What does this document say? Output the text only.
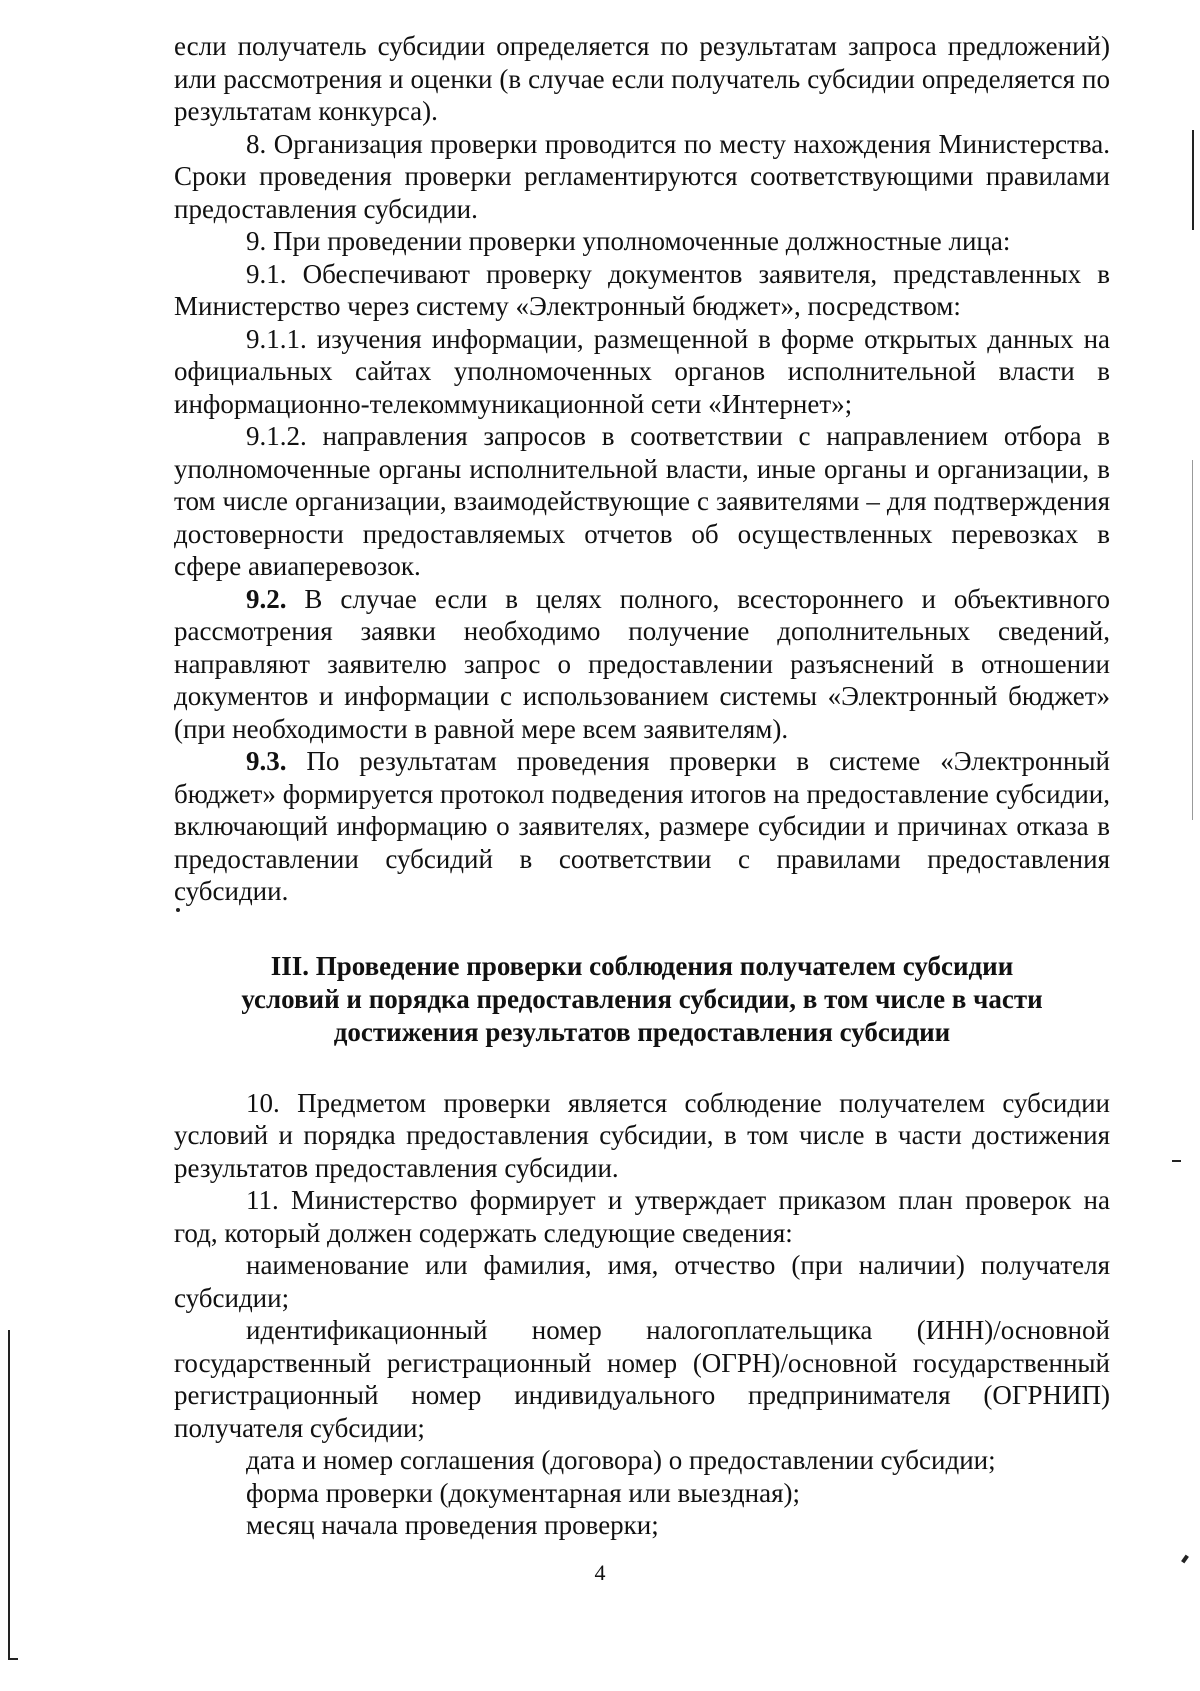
если получатель субсидии определяется по результатам запроса предложений) или рассмотрения и оценки (в случае если получатель субсидии определяется по результатам конкурса).

8. Организация проверки проводится по месту нахождения Министерства. Сроки проведения проверки регламентируются соответствующими правилами предоставления субсидии.

9. При проведении проверки уполномоченные должностные лица:

9.1. Обеспечивают проверку документов заявителя, представленных в Министерство через систему «Электронный бюджет», посредством:

9.1.1. изучения информации, размещенной в форме открытых данных на официальных сайтах уполномоченных органов исполнительной власти в информационно-телекоммуникационной сети «Интернет»;

9.1.2. направления запросов в соответствии с направлением отбора в уполномоченные органы исполнительной власти, иные органы и организации, в том числе организации, взаимодействующие с заявителями – для подтверждения достоверности предоставляемых отчетов об осуществленных перевозках в сфере авиаперевозок.

9.2. В случае если в целях полного, всестороннего и объективного рассмотрения заявки необходимо получение дополнительных сведений, направляют заявителю запрос о предоставлении разъяснений в отношении документов и информации с использованием системы «Электронный бюджет» (при необходимости в равной мере всем заявителям).

9.3. По результатам проведения проверки в системе «Электронный бюджет» формируется протокол подведения итогов на предоставление субсидии, включающий информацию о заявителях, размере субсидии и причинах отказа в предоставлении субсидий в соответствии с правилами предоставления субсидии.

III. Проведение проверки соблюдения получателем субсидии

условий и порядка предоставления субсидии, в том числе в части

достижения результатов предоставления субсидии

10. Предметом проверки является соблюдение получателем субсидии условий и порядка предоставления субсидии, в том числе в части достижения результатов предоставления субсидии.

11. Министерство формирует и утверждает приказом план проверок на год, который должен содержать следующие сведения:

наименование или фамилия, имя, отчество (при наличии) получателя субсидии;

идентификационный номер налогоплательщика (ИНН)/основной государственный регистрационный номер (ОГРН)/основной государственный регистрационный номер индивидуального предпринимателя (ОГРНИП) получателя субсидии;

дата и номер соглашения (договора) о предоставлении субсидии;

форма проверки (документарная или выездная);

месяц начала проведения проверки;

4
